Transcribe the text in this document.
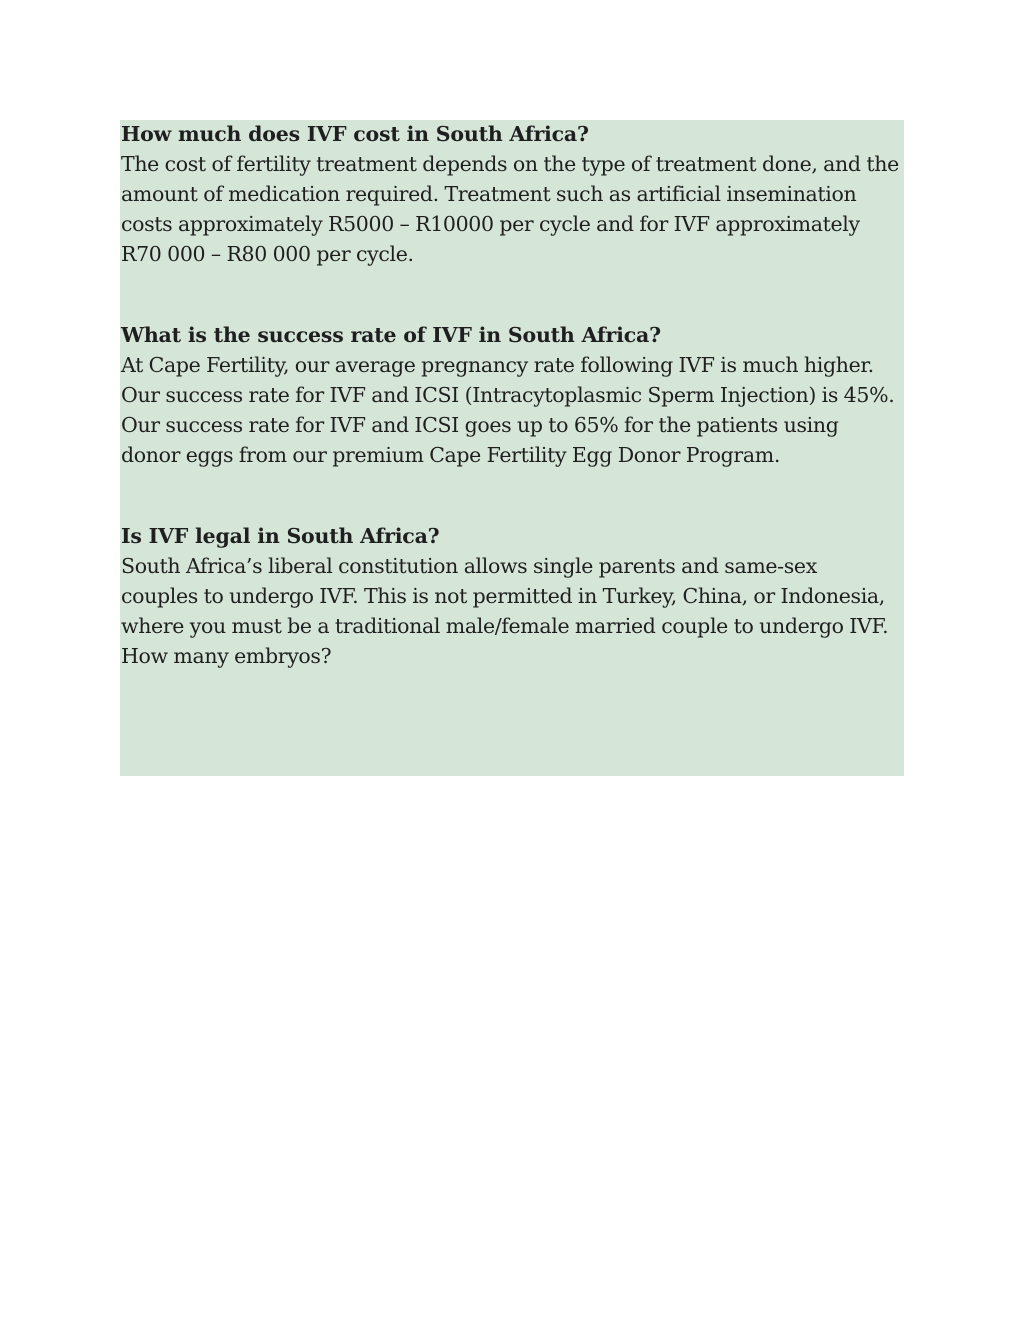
How much does IVF cost in South Africa?

The cost of fertility treatment depends on the type of treatment done, and the amount of medication required. Treatment such as artificial insemination costs approximately R5000 – R10000 per cycle and for IVF approximately R70 000 – R80 000 per cycle.

What is the success rate of IVF in South Africa?

At Cape Fertility, our average pregnancy rate following IVF is much higher. Our success rate for IVF and ICSI (Intracytoplasmic Sperm Injection) is 45%. Our success rate for IVF and ICSI goes up to 65% for the patients using donor eggs from our premium Cape Fertility Egg Donor Program.

Is IVF legal in South Africa?

South Africa’s liberal constitution allows single parents and same-sex couples to undergo IVF. This is not permitted in Turkey, China, or Indonesia, where you must be a traditional male/female married couple to undergo IVF. How many embryos?
